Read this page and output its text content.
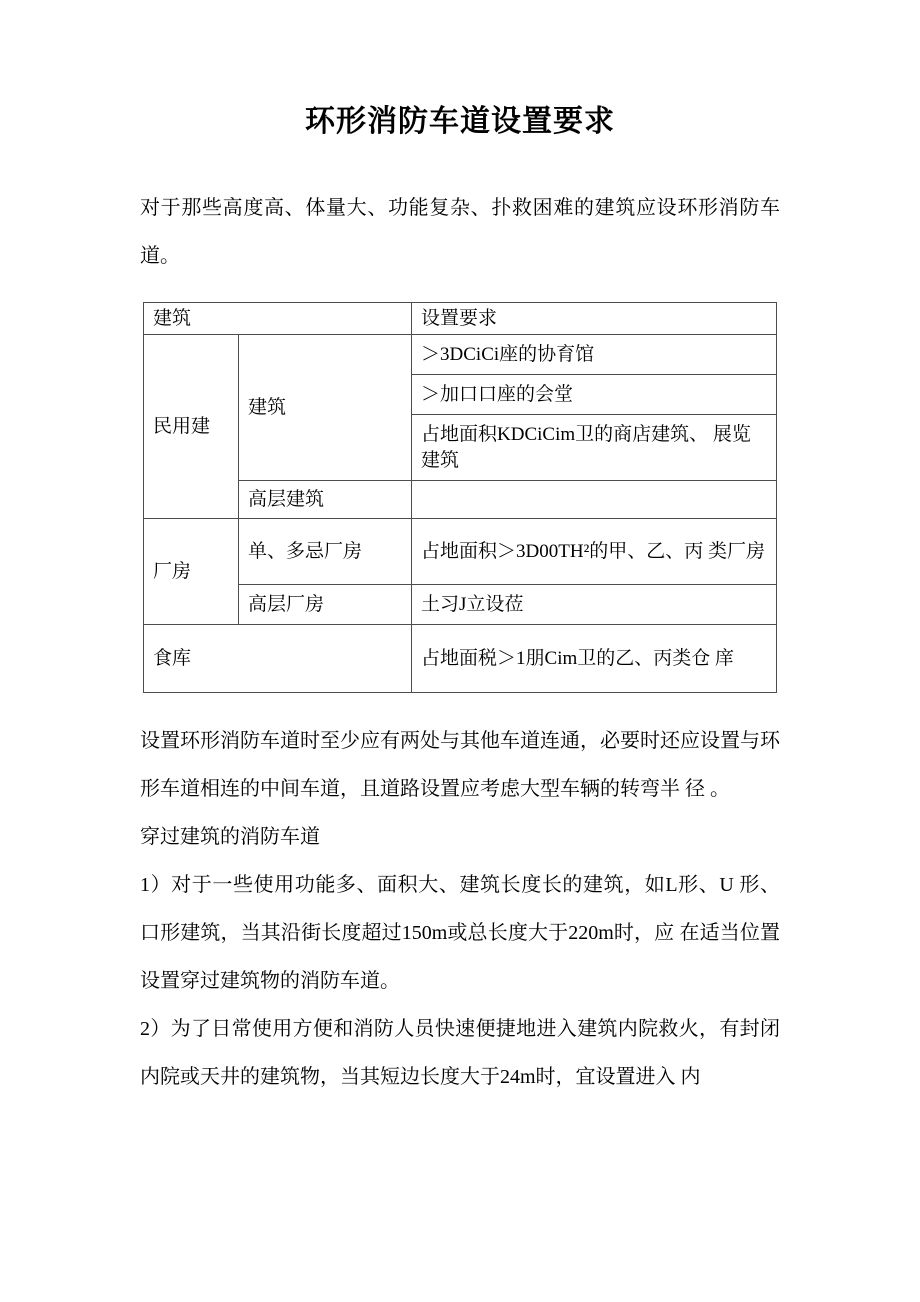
环形消防车道设置要求

对于那些高度高、体量大、功能复杂、扑救困难的建筑应设环形消防车道。

建筑		设置要求
民用建	建筑	＞3DCiCi座的协育馆
		＞加口口座的会堂
		占地面积KDCiCim卫的商店建筑、 展览建筑
	高层建筑	
厂房	单、多忌厂房	占地面积＞3D00TH²的甲、乙、丙 类厂房
	高层厂房	土习J立设莅
食库		占地面税＞1朋Cim卫的乙、丙类仓 庠

设置环形消防车道时至少应有两处与其他车道连通，必要时还应设置与环形车道相连的中间车道，且道路设置应考虑大型车辆的转弯半 径 。

穿过建筑的消防车道

1）对于一些使用功能多、面积大、建筑长度长的建筑，如L形、U 形、口形建筑，当其沿街长度超过150m或总长度大于220m时，应 在适当位置设置穿过建筑物的消防车道。

2）为了日常使用方便和消防人员快速便捷地进入建筑内院救火，有封闭内院或天井的建筑物，当其短边长度大于24m时，宜设置进入 内
